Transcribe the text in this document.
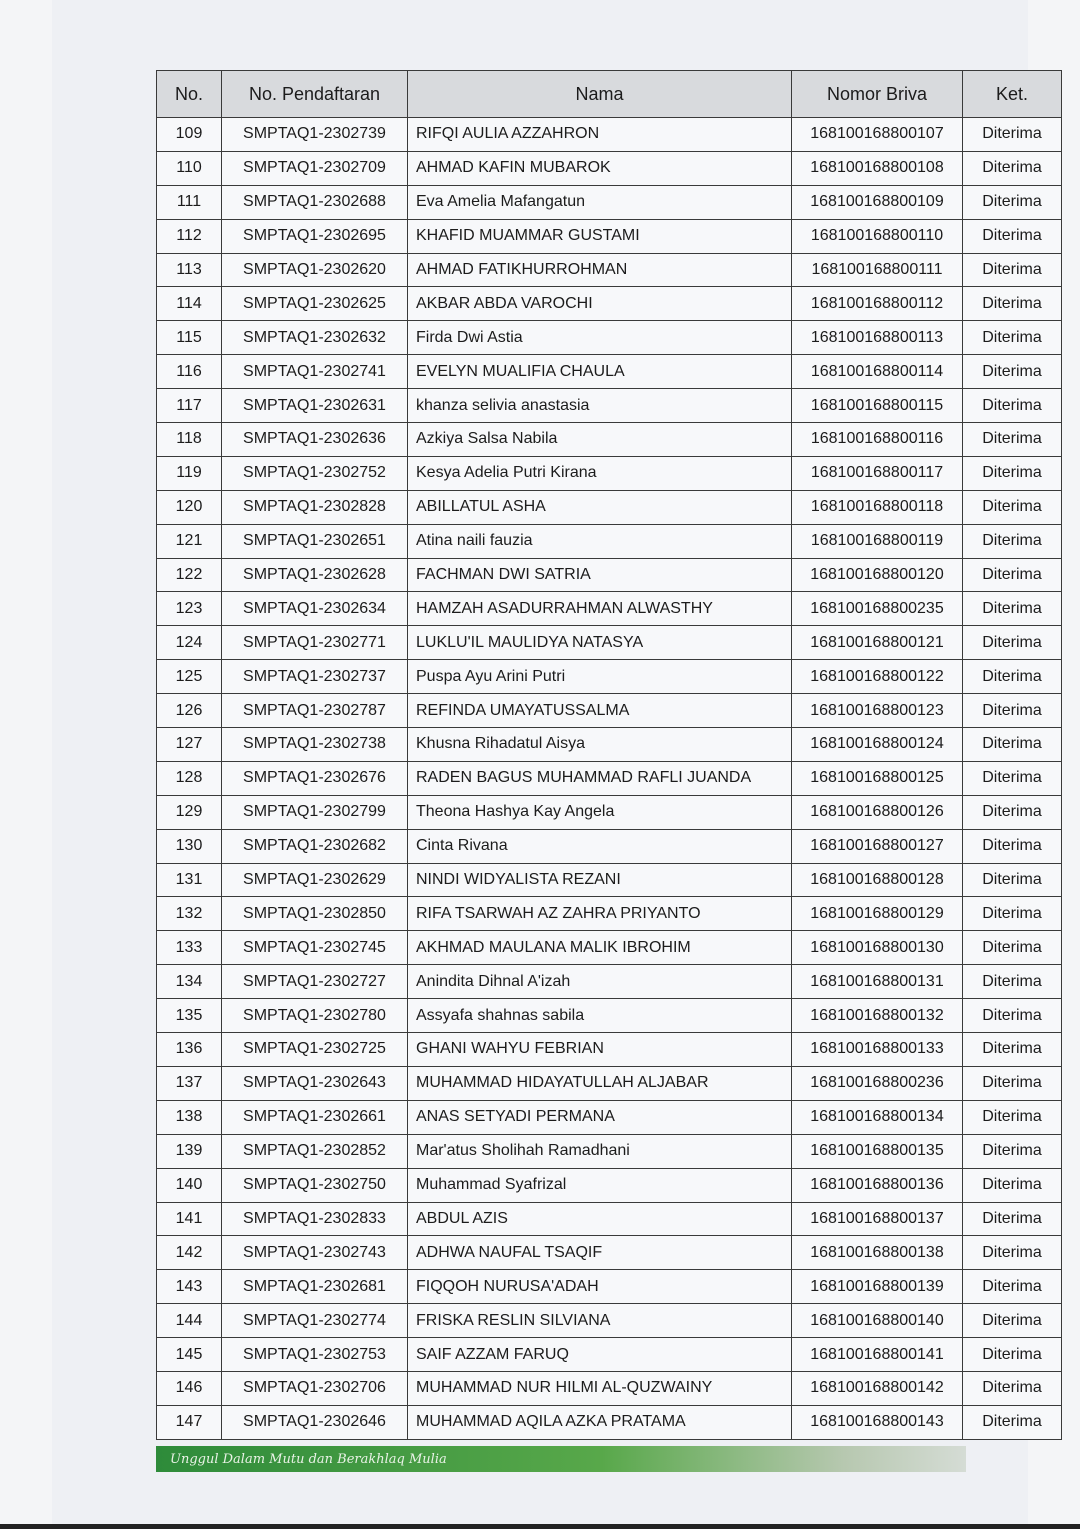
No.	No. Pendaftaran	Nama	Nomor Briva	Ket.
109	SMPTAQ1-2302739	RIFQI AULIA AZZAHRON	168100168800107	Diterima
110	SMPTAQ1-2302709	AHMAD KAFIN MUBAROK	168100168800108	Diterima
111	SMPTAQ1-2302688	Eva Amelia Mafangatun	168100168800109	Diterima
112	SMPTAQ1-2302695	KHAFID MUAMMAR GUSTAMI	168100168800110	Diterima
113	SMPTAQ1-2302620	AHMAD FATIKHURROHMAN	168100168800111	Diterima
114	SMPTAQ1-2302625	AKBAR ABDA VAROCHI	168100168800112	Diterima
115	SMPTAQ1-2302632	Firda Dwi Astia	168100168800113	Diterima
116	SMPTAQ1-2302741	EVELYN MUALIFIA CHAULA	168100168800114	Diterima
117	SMPTAQ1-2302631	khanza selivia anastasia	168100168800115	Diterima
118	SMPTAQ1-2302636	Azkiya Salsa Nabila	168100168800116	Diterima
119	SMPTAQ1-2302752	Kesya Adelia Putri Kirana	168100168800117	Diterima
120	SMPTAQ1-2302828	ABILLATUL ASHA	168100168800118	Diterima
121	SMPTAQ1-2302651	Atina naili fauzia	168100168800119	Diterima
122	SMPTAQ1-2302628	FACHMAN DWI SATRIA	168100168800120	Diterima
123	SMPTAQ1-2302634	HAMZAH ASADURRAHMAN ALWASTHY	168100168800235	Diterima
124	SMPTAQ1-2302771	LUKLU'IL MAULIDYA NATASYA	168100168800121	Diterima
125	SMPTAQ1-2302737	Puspa Ayu Arini Putri	168100168800122	Diterima
126	SMPTAQ1-2302787	REFINDA UMAYATUSSALMA	168100168800123	Diterima
127	SMPTAQ1-2302738	Khusna Rihadatul Aisya	168100168800124	Diterima
128	SMPTAQ1-2302676	RADEN BAGUS MUHAMMAD RAFLI JUANDA	168100168800125	Diterima
129	SMPTAQ1-2302799	Theona Hashya Kay Angela	168100168800126	Diterima
130	SMPTAQ1-2302682	Cinta Rivana	168100168800127	Diterima
131	SMPTAQ1-2302629	NINDI WIDYALISTA REZANI	168100168800128	Diterima
132	SMPTAQ1-2302850	RIFA TSARWAH AZ ZAHRA PRIYANTO	168100168800129	Diterima
133	SMPTAQ1-2302745	AKHMAD MAULANA MALIK IBROHIM	168100168800130	Diterima
134	SMPTAQ1-2302727	Anindita Dihnal A'izah	168100168800131	Diterima
135	SMPTAQ1-2302780	Assyafa shahnas sabila	168100168800132	Diterima
136	SMPTAQ1-2302725	GHANI WAHYU FEBRIAN	168100168800133	Diterima
137	SMPTAQ1-2302643	MUHAMMAD HIDAYATULLAH ALJABAR	168100168800236	Diterima
138	SMPTAQ1-2302661	ANAS SETYADI PERMANA	168100168800134	Diterima
139	SMPTAQ1-2302852	Mar'atus Sholihah Ramadhani	168100168800135	Diterima
140	SMPTAQ1-2302750	Muhammad Syafrizal	168100168800136	Diterima
141	SMPTAQ1-2302833	ABDUL AZIS	168100168800137	Diterima
142	SMPTAQ1-2302743	ADHWA NAUFAL TSAQIF	168100168800138	Diterima
143	SMPTAQ1-2302681	FIQQOH NURUSA'ADAH	168100168800139	Diterima
144	SMPTAQ1-2302774	FRISKA RESLIN SILVIANA	168100168800140	Diterima
145	SMPTAQ1-2302753	SAIF AZZAM FARUQ	168100168800141	Diterima
146	SMPTAQ1-2302706	MUHAMMAD NUR HILMI AL-QUZWAINY	168100168800142	Diterima
147	SMPTAQ1-2302646	MUHAMMAD AQILA AZKA PRATAMA	168100168800143	Diterima
Unggul Dalam Mutu dan Berakhlaq Mulia
